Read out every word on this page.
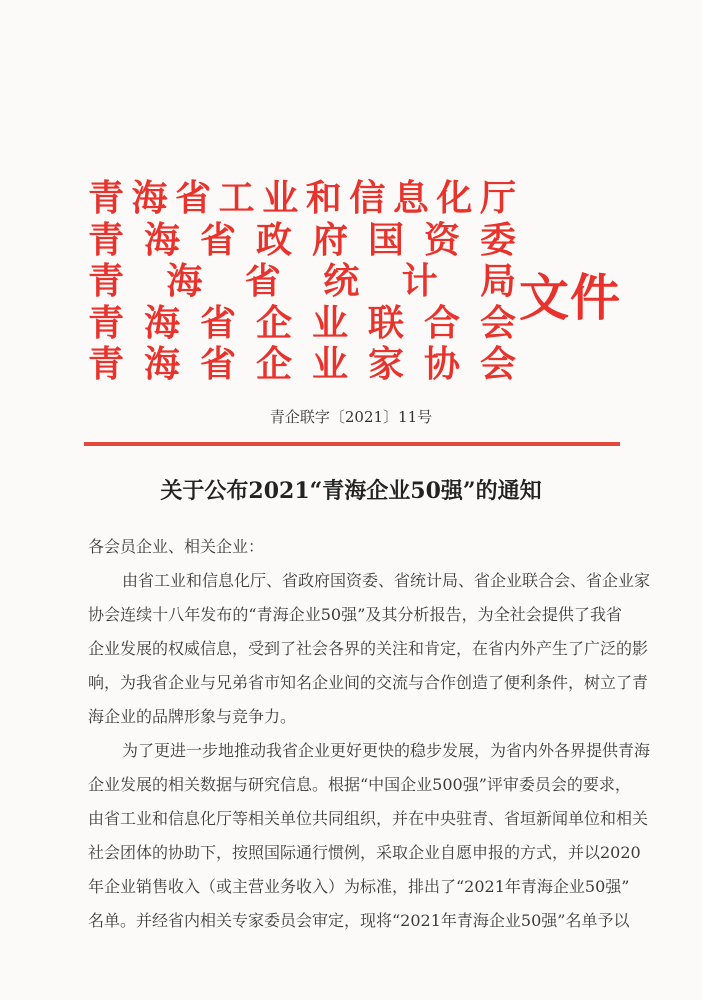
青海省工业和信息化厅
青海省政府国资委
青海省统计局
青海省企业联合会
青海省企业家协会
文件
青企联字〔2021〕11号
关于公布2021“青海企业50强”的通知
各会员企业、相关企业：
由省工业和信息化厅、省政府国资委、省统计局、省企业联合会、省企业家
协会连续十八年发布的“青海企业50强”及其分析报告，为全社会提供了我省
企业发展的权威信息，受到了社会各界的关注和肯定，在省内外产生了广泛的影
响，为我省企业与兄弟省市知名企业间的交流与合作创造了便利条件，树立了青
海企业的品牌形象与竞争力。
为了更进一步地推动我省企业更好更快的稳步发展，为省内外各界提供青海
企业发展的相关数据与研究信息。根据“中国企业500强”评审委员会的要求，
由省工业和信息化厅等相关单位共同组织，并在中央驻青、省垣新闻单位和相关
社会团体的协助下，按照国际通行惯例，采取企业自愿申报的方式，并以2020
年企业销售收入（或主营业务收入）为标准，排出了“2021年青海企业50强”
名单。并经省内相关专家委员会审定，现将“2021年青海企业50强”名单予以
